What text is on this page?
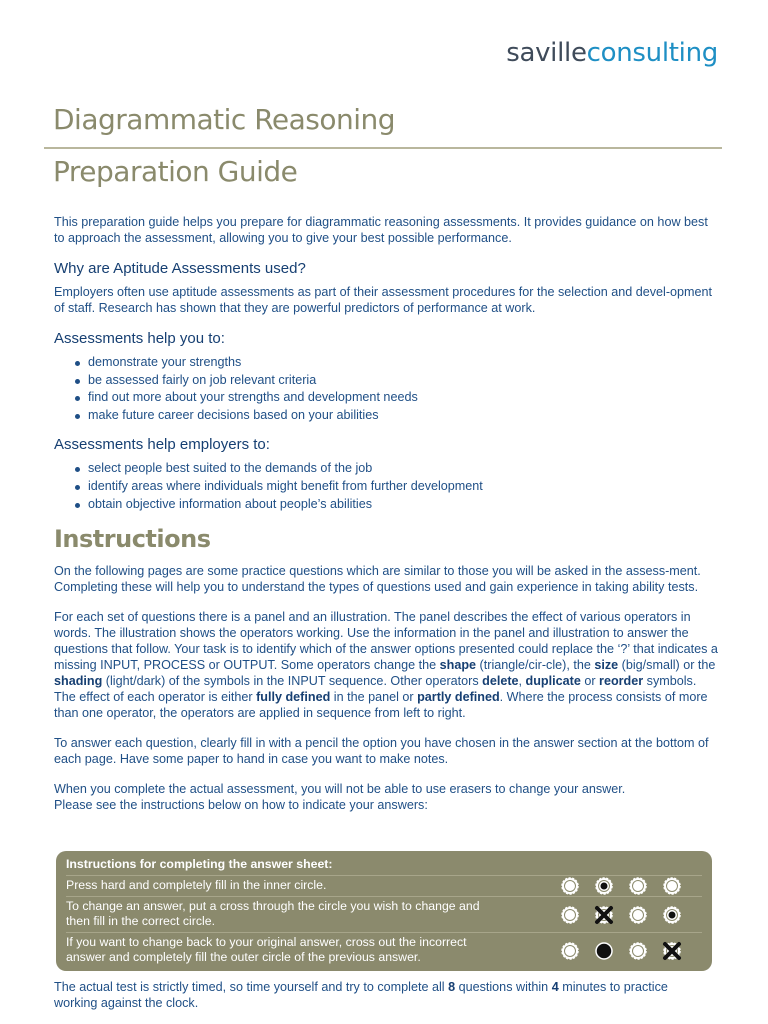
savilleconsulting
Diagrammatic Reasoning
Preparation Guide

This preparation guide helps you prepare for diagrammatic reasoning assessments. It provides guidance on how best to approach the assessment, allowing you to give your best possible performance.

Why are Aptitude Assessments used?

Employers often use aptitude assessments as part of their assessment procedures for the selection and devel-opment of staff. Research has shown that they are powerful predictors of performance at work.

Assessments help you to:
demonstrate your strengths
be assessed fairly on job relevant criteria
find out more about your strengths and development needs
make future career decisions based on your abilities
Assessments help employers to:
select people best suited to the demands of the job
identify areas where individuals might benefit from further development
obtain objective information about people’s abilities
Instructions

On the following pages are some practice questions which are similar to those you will be asked in the assess-ment. Completing these will help you to understand the types of questions used and gain experience in taking ability tests.

For each set of questions there is a panel and an illustration. The panel describes the effect of various operators in words. The illustration shows the operators working. Use the information in the panel and illustration to answer the questions that follow. Your task is to identify which of the answer options presented could replace the ‘?’ that indicates a missing INPUT, PROCESS or OUTPUT. Some operators change the shape (triangle/cir-cle), the size (big/small) or the shading (light/dark) of the symbols in the INPUT sequence. Other operators delete, duplicate or reorder symbols. The effect of each operator is either fully defined in the panel or partly defined. Where the process consists of more than one operator, the operators are applied in sequence from left to right.

To answer each question, clearly fill in with a pencil the option you have chosen in the answer section at the bottom of each page. Have some paper to hand in case you want to make notes.

When you complete the actual assessment, you will not be able to use erasers to change your answer.
Please see the instructions below on how to indicate your answers:

Instructions for completing the answer sheet:
Press hard and completely fill in the inner circle.
To change an answer, put a cross through the circle you wish to change and then fill in the correct circle.
If you want to change back to your original answer, cross out the incorrect answer and completely fill the outer circle of the previous answer.

The actual test is strictly timed, so time yourself and try to complete all 8 questions within 4 minutes to practice working against the clock.
